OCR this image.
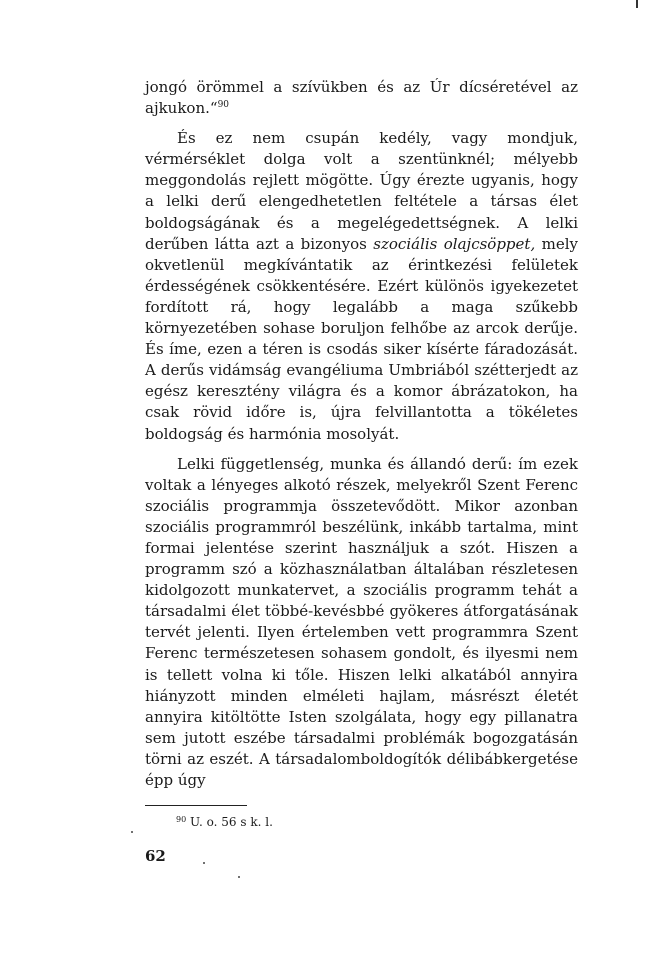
jongó örömmel a szívükben és az Úr dícséretével az ajkukon.“$^{90}$

És ez nem csupán kedély, vagy mondjuk, vérmérséklet dolga volt a szentünknél; mélyebb meggondolás rejlett mögötte. Úgy érezte ugyanis, hogy a lelki derű elengedhetetlen feltétele a társas élet boldogságának és a megelégedettségnek. A lelki derűben látta azt a bizonyos szociális olajcsöppet, mely okvetlenül megkívántatik az érintkezési felületek érdességének csökkentésére. Ezért különös igyekezetet fordított rá, hogy legalább a maga szűkebb környezetében sohase boruljon felhőbe az arcok derűje. És íme, ezen a téren is csodás siker kísérte fáradozását. A derűs vidámság evangéliuma Umbriából szétterjedt az egész keresztény világra és a komor ábrázatokon, ha csak rövid időre is, újra felvillantotta a tökéletes boldogság és harmónia mosolyát.

Lelki függetlenség, munka és állandó derű: ím ezek voltak a lényeges alkotó részek, melyekről Szent Ferenc szociális programmja összetevődött. Mikor azonban szociális programmról beszélünk, inkább tartalma, mint formai jelentése szerint használjuk a szót. Hiszen a programm szó a közhasználatban általában részletesen kidolgozott munkatervet, a szociális programm tehát a társadalmi élet többé-kevésbbé gyökeres átforgatásának tervét jelenti. Ilyen értelemben vett programmra Szent Ferenc természetesen sohasem gondolt, és ilyesmi nem is tellett volna ki tőle. Hiszen lelki alkatából annyira hiányzott minden elméleti hajlam, másrészt életét annyira kitöltötte Isten szolgálata, hogy egy pillanatra sem jutott eszébe társadalmi problémák bogozgatásán törni az eszét. A társadalomboldogítók délibábkergetése épp úgy

$^{90}$ U. o. 56 s k. l.
62
